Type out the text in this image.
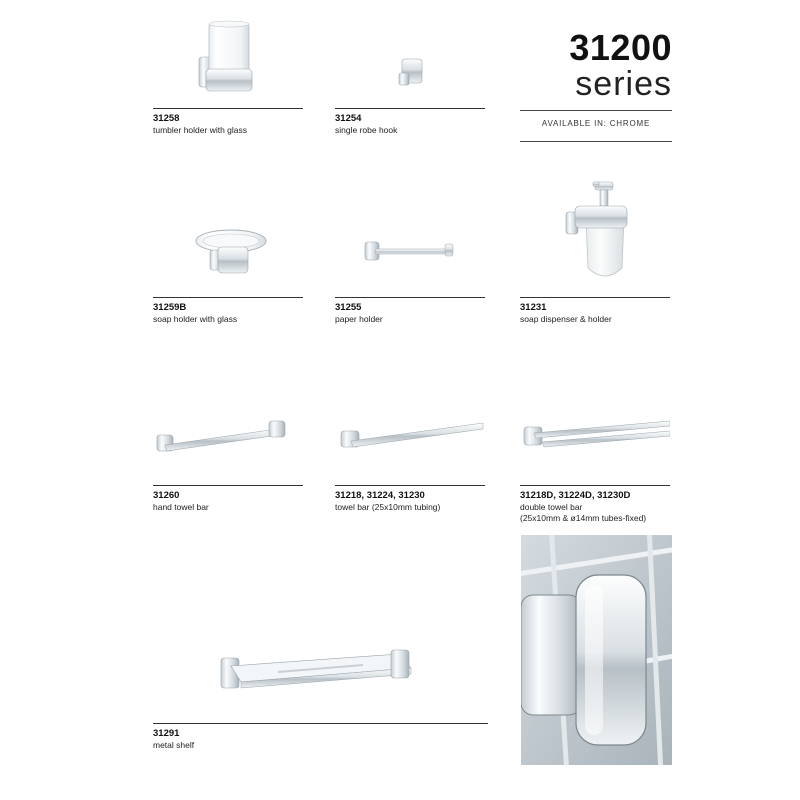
31200
series
AVAILABLE IN: CHROME
31258
tumbler holder with glass
31254
single robe hook
31259B
soap holder with glass
31255
paper holder
31231
soap dispenser & holder
31260
hand towel bar
31218, 31224, 31230
towel bar (25x10mm tubing)
31218D, 31224D, 31230D
double towel bar
(25x10mm & ø14mm tubes-fixed)
31291
metal shelf
